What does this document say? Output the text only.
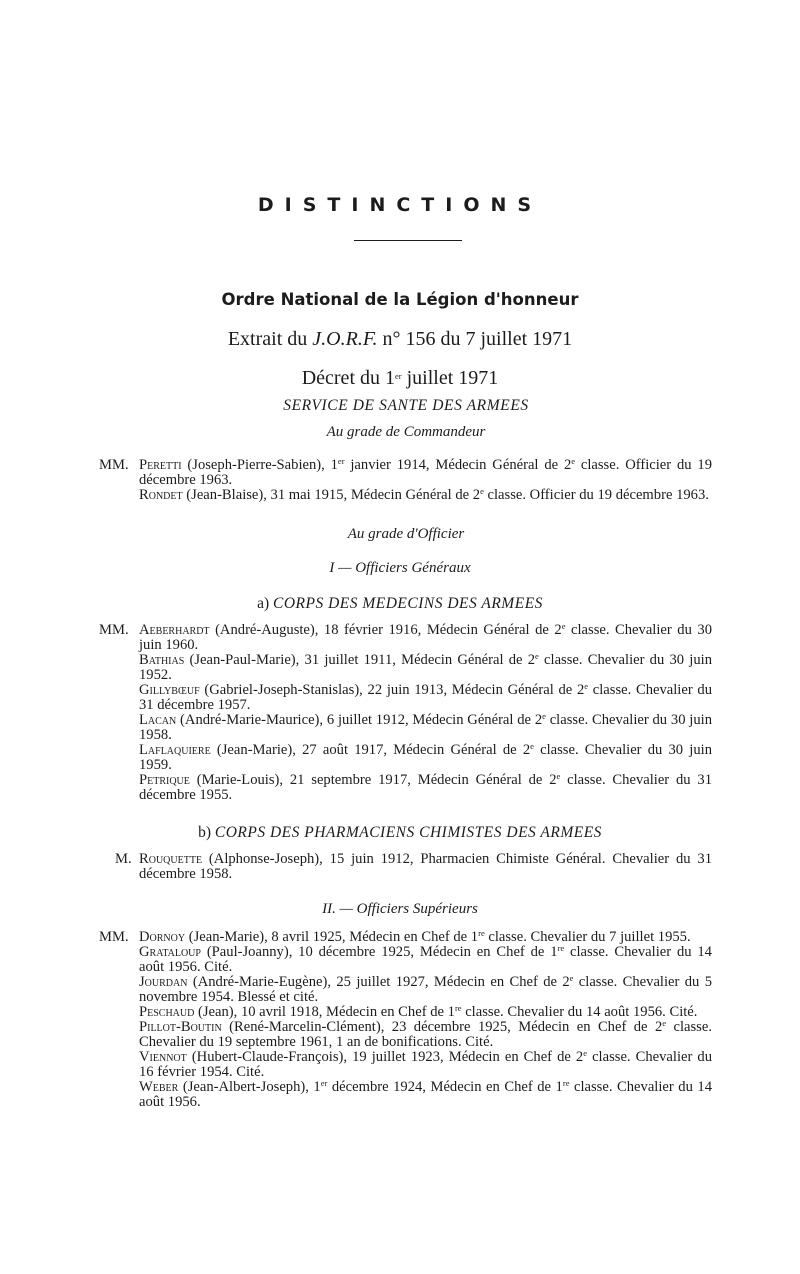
DISTINCTIONS
Ordre National de la Légion d'honneur
Extrait du J.O.R.F. n° 156 du 7 juillet 1971
Décret du 1er juillet 1971
SERVICE DE SANTE DES ARMEES
Au grade de Commandeur
MM. Peretti (Joseph-Pierre-Sabien), 1er janvier 1914, Médecin Général de 2e classe. Officier du 19 décembre 1963.

Rondet (Jean-Blaise), 31 mai 1915, Médecin Général de 2e classe. Officier du 19 décembre 1963.

Au grade d'Officier
I — Officiers Généraux
a) CORPS DES MEDECINS DES ARMEES
MM. Aeberhardt (André-Auguste), 18 février 1916, Médecin Général de 2e classe. Chevalier du 30 juin 1960.

Bathias (Jean-Paul-Marie), 31 juillet 1911, Médecin Général de 2e classe. Chevalier du 30 juin 1952.

Gillybœuf (Gabriel-Joseph-Stanislas), 22 juin 1913, Médecin Général de 2e classe. Chevalier du 31 décembre 1957.

Lacan (André-Marie-Maurice), 6 juillet 1912, Médecin Général de 2e classe. Chevalier du 30 juin 1958.

Laflaquiere (Jean-Marie), 27 août 1917, Médecin Général de 2e classe. Chevalier du 30 juin 1959.

Petrique (Marie-Louis), 21 septembre 1917, Médecin Général de 2e classe. Chevalier du 31 décembre 1955.

b) CORPS DES PHARMACIENS CHIMISTES DES ARMEES
M. Rouquette (Alphonse-Joseph), 15 juin 1912, Pharmacien Chimiste Général. Chevalier du 31 décembre 1958.

II. — Officiers Supérieurs
MM. Dornoy (Jean-Marie), 8 avril 1925, Médecin en Chef de 1re classe. Chevalier du 7 juillet 1955.

Grataloup (Paul-Joanny), 10 décembre 1925, Médecin en Chef de 1re classe. Chevalier du 14 août 1956. Cité.

Jourdan (André-Marie-Eugène), 25 juillet 1927, Médecin en Chef de 2e classe. Chevalier du 5 novembre 1954. Blessé et cité.

Peschaud (Jean), 10 avril 1918, Médecin en Chef de 1re classe. Chevalier du 14 août 1956. Cité.

Pillot-Boutin (René-Marcelin-Clément), 23 décembre 1925, Médecin en Chef de 2e classe. Chevalier du 19 septembre 1961, 1 an de bonifications. Cité.

Viennot (Hubert-Claude-François), 19 juillet 1923, Médecin en Chef de 2e classe. Chevalier du 16 février 1954. Cité.

Weber (Jean-Albert-Joseph), 1er décembre 1924, Médecin en Chef de 1re classe. Chevalier du 14 août 1956.
